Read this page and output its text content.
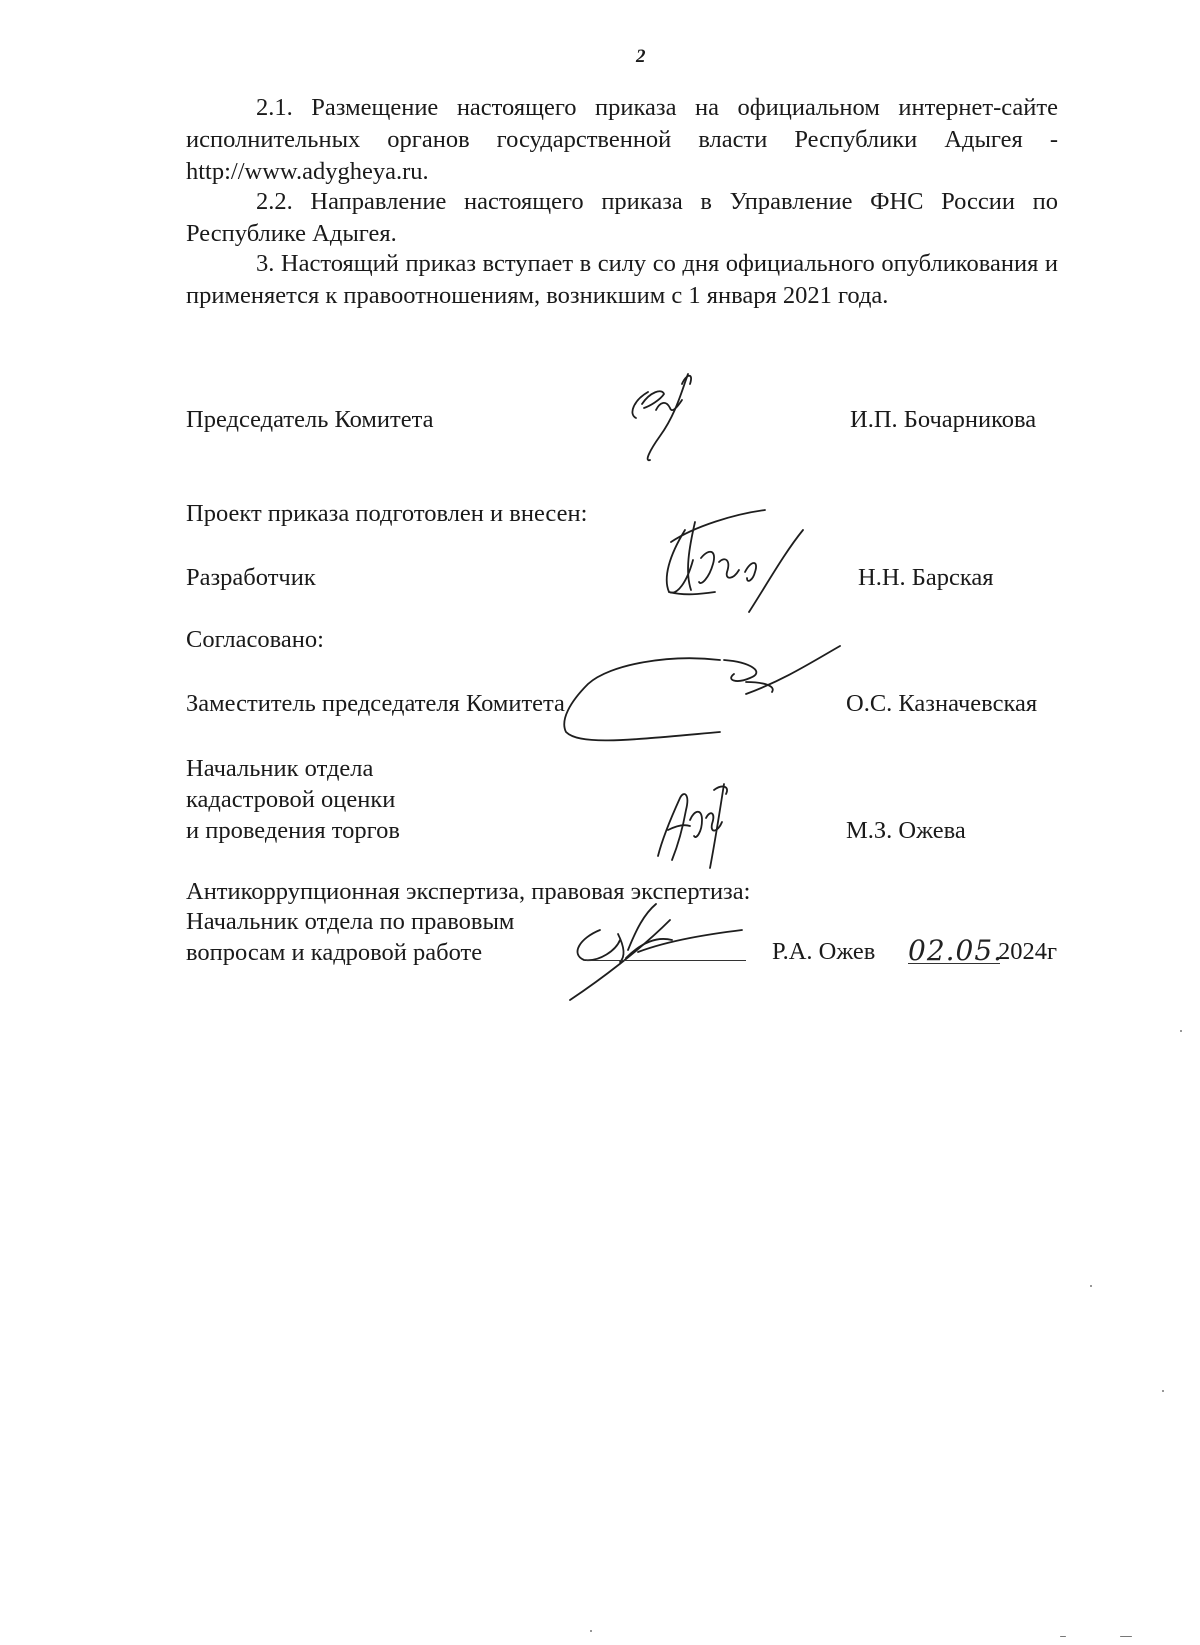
2

2.1. Размещение настоящего приказа на официальном интернет-сайте исполнительных органов государственной власти Республики Адыгея - http://www.adygheya.ru.

2.2. Направление настоящего приказа в Управление ФНС России по Республике Адыгея.

3. Настоящий приказ вступает в силу со дня официального опубликования и применяется к правоотношениям, возникшим с 1 января 2021 года.

Председатель Комитета	И.П. Бочарникова
Проект приказа подготовлен и внесен:
Разработчик	Н.Н. Барская
Согласовано:
Заместитель председателя Комитета	О.С. Казначевская
Начальник отдела
кадастровой оценки
и проведения торгов	М.З. Ожева
Антикоррупционная экспертиза, правовая экспертиза:
Начальник отдела по правовым
вопросам и кадровой работе	Р.А. Ожев 02.05.
2024г
